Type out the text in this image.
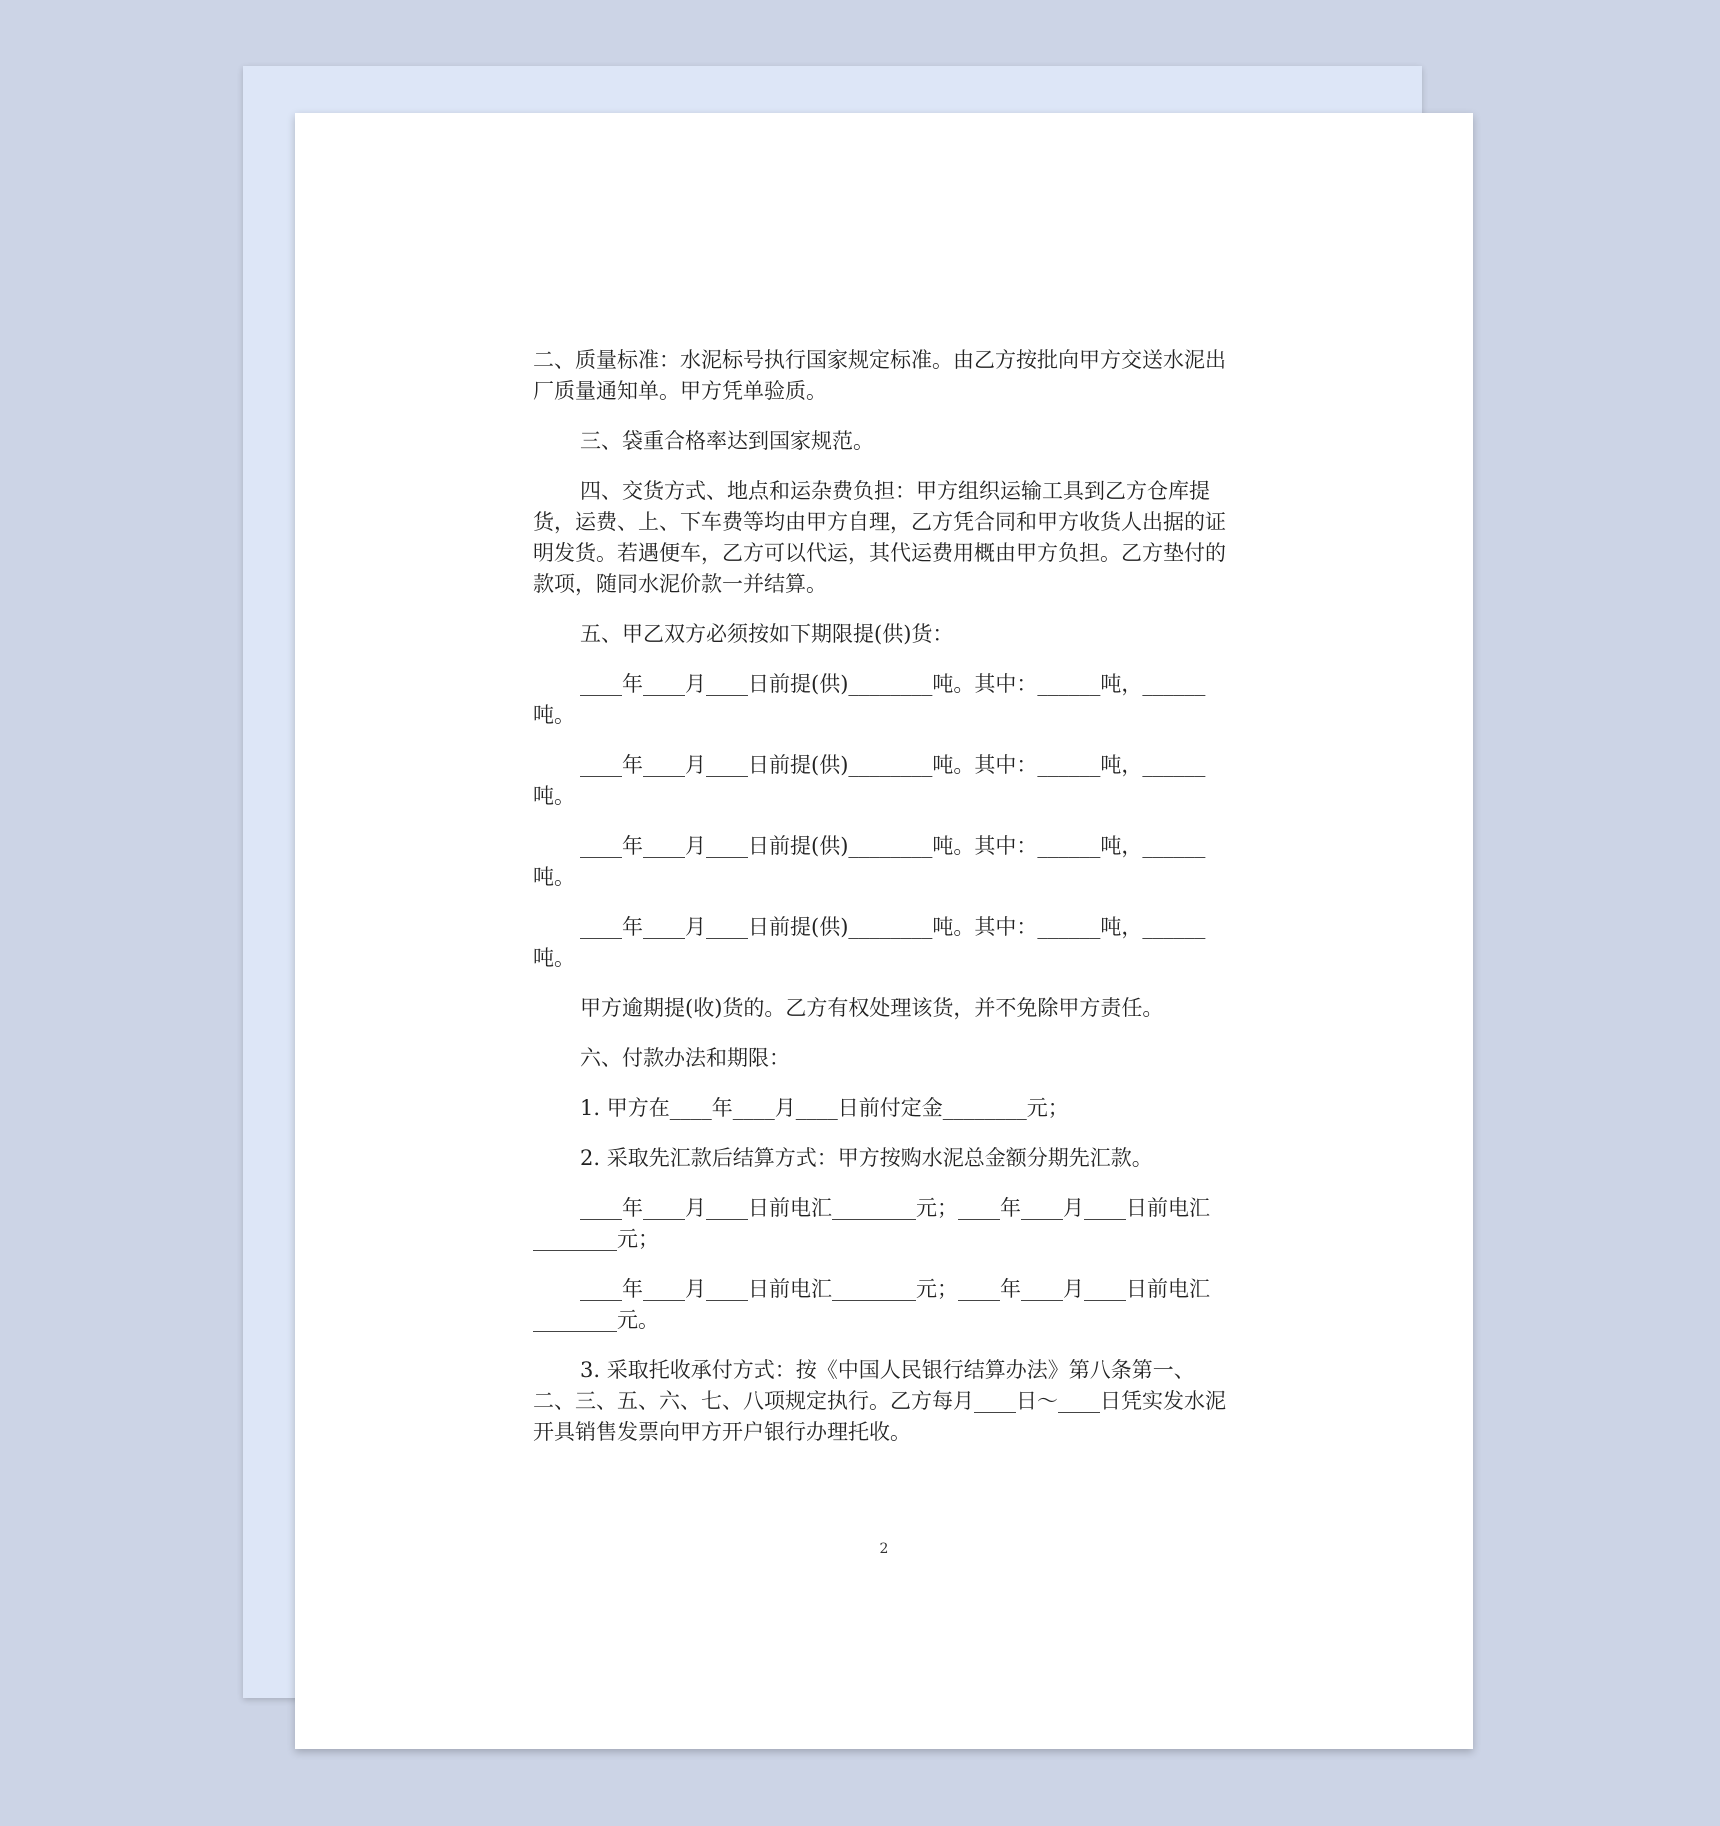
二、质量标准：水泥标号执行国家规定标准。由乙方按批向甲方交送水泥出厂质量通知单。甲方凭单验质。

三、袋重合格率达到国家规范。

四、交货方式、地点和运杂费负担：甲方组织运输工具到乙方仓库提货，运费、上、下车费等均由甲方自理，乙方凭合同和甲方收货人出据的证明发货。若遇便车，乙方可以代运，其代运费用概由甲方负担。乙方垫付的款项，随同水泥价款一并结算。

五、甲乙双方必须按如下期限提(供)货：

____年____月____日前提(供)________吨。其中：______吨，______吨。

____年____月____日前提(供)________吨。其中：______吨，______吨。

____年____月____日前提(供)________吨。其中：______吨，______吨。

____年____月____日前提(供)________吨。其中：______吨，______吨。

甲方逾期提(收)货的。乙方有权处理该货，并不免除甲方责任。

六、付款办法和期限：

1. 甲方在____年____月____日前付定金________元；

2. 采取先汇款后结算方式：甲方按购水泥总金额分期先汇款。

____年____月____日前电汇________元；____年____月____日前电汇________元；

____年____月____日前电汇________元；____年____月____日前电汇________元。

3. 采取托收承付方式：按《中国人民银行结算办法》第八条第一、二、三、五、六、七、八项规定执行。乙方每月____日～____日凭实发水泥开具销售发票向甲方开户银行办理托收。

2
